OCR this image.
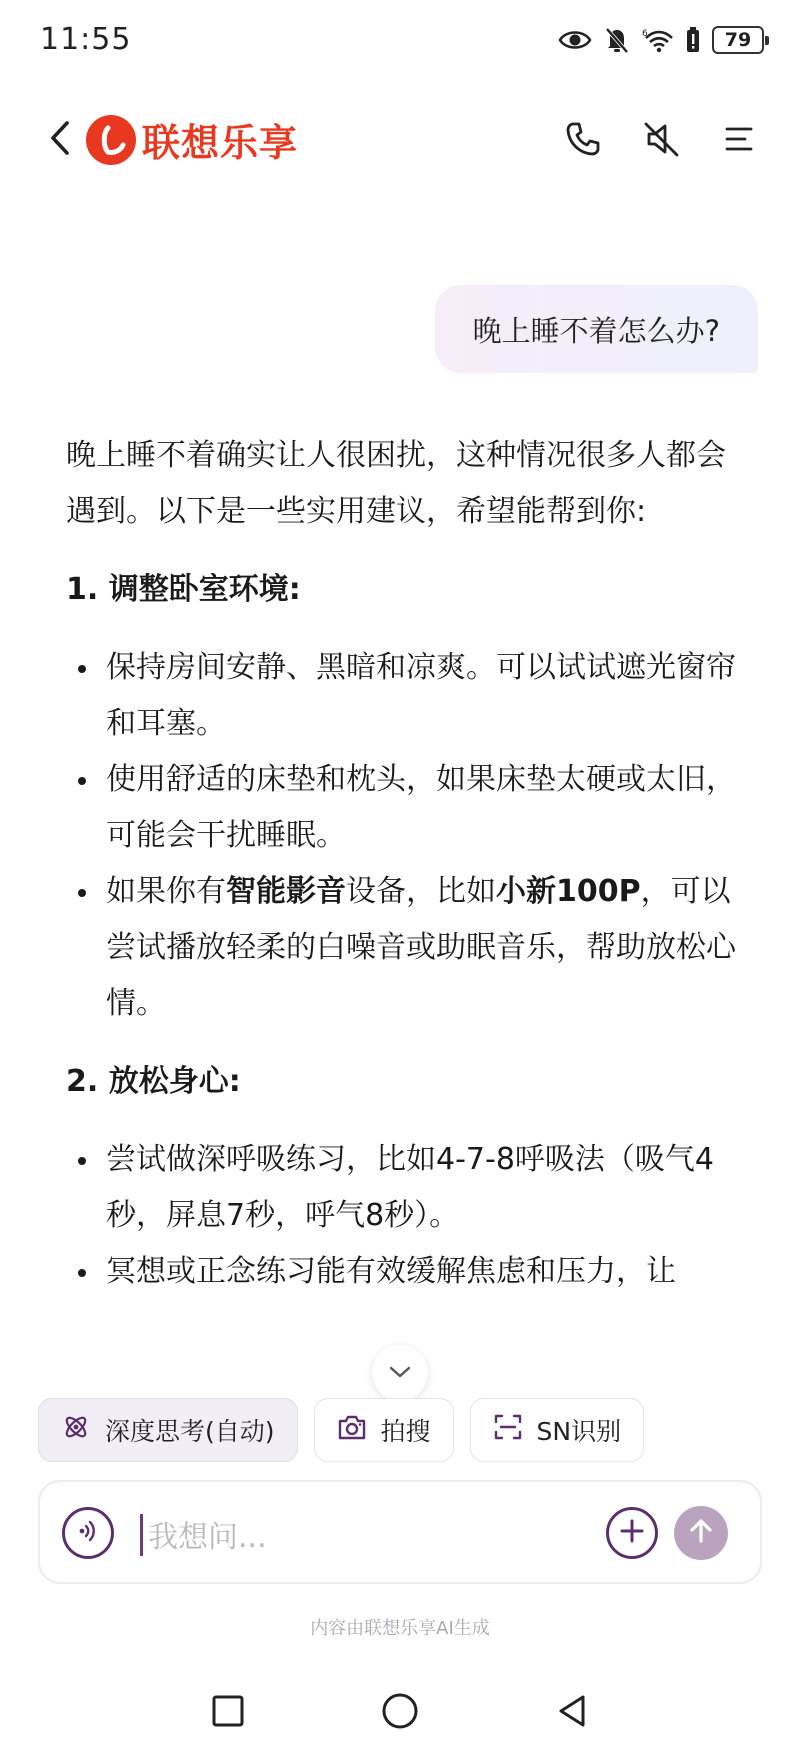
11:55	6	79
联想乐享
晚上睡不着怎么办?

晚上睡不着确实让人很困扰，这种情况很多人都会遇到。以下是一些实用建议，希望能帮到你:

1. 调整卧室环境:

保持房间安静、黑暗和凉爽。可以试试遮光窗帘和耳塞。
使用舒适的床垫和枕头，如果床垫太硬或太旧，可能会干扰睡眠。
如果你有智能影音设备，比如小新100P，可以尝试播放轻柔的白噪音或助眠音乐，帮助放松心情。

2. 放松身心:

尝试做深呼吸练习，比如4-7-8呼吸法（吸气4秒，屏息7秒，呼气8秒）。
冥想或正念练习能有效缓解焦虑和压力，让
深度思考(自动)	拍搜	SN识别
我想问...
内容由联想乐享AI生成
